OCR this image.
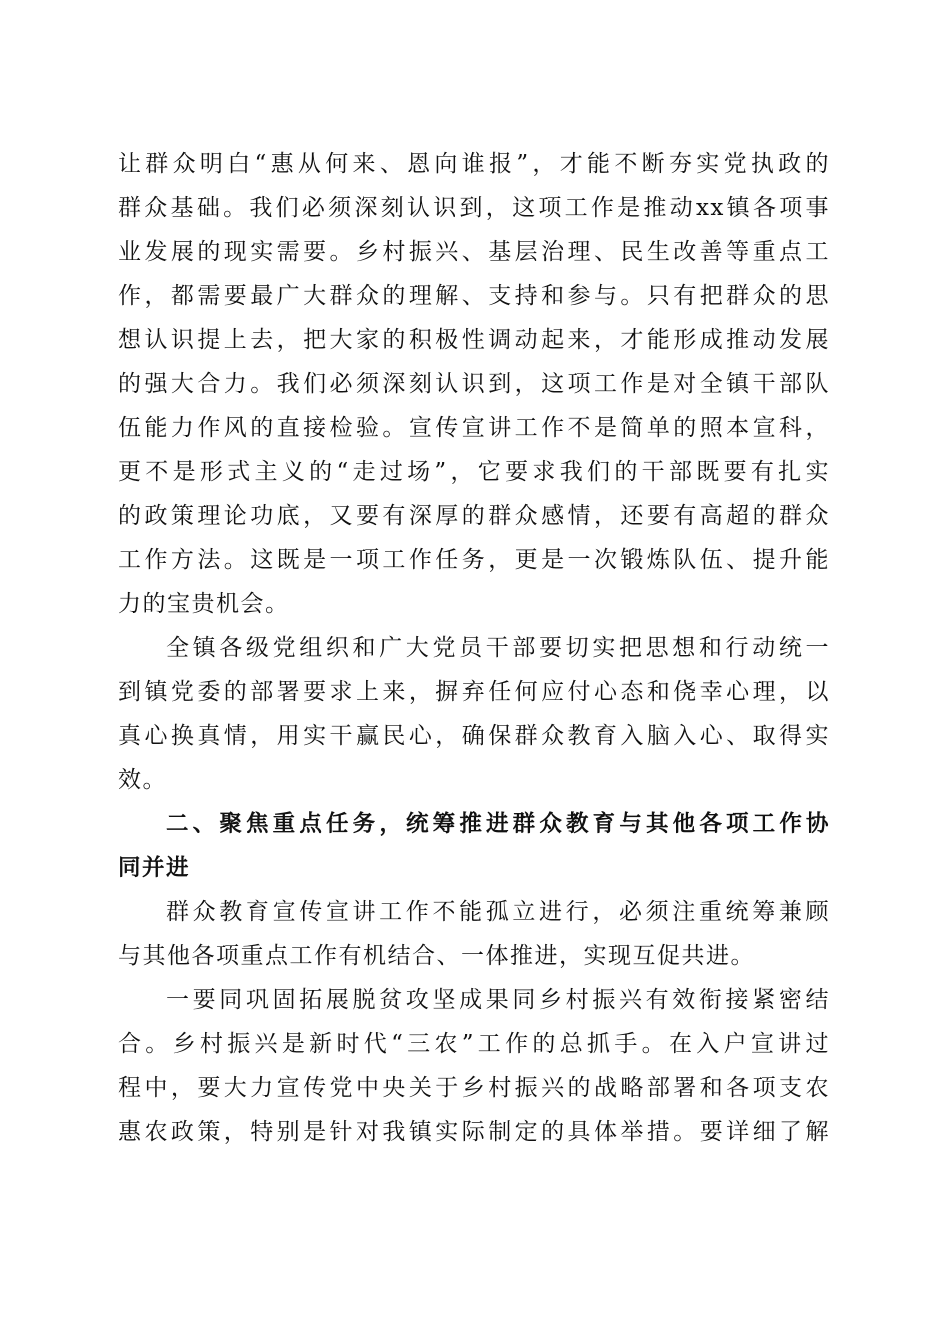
让群众明白“惠从何来、恩向谁报”，才能不断夯实党执政的
群众基础。我们必须深刻认识到，这项工作是推动xx镇各项事
业发展的现实需要。乡村振兴、基层治理、民生改善等重点工
作，都需要最广大群众的理解、支持和参与。只有把群众的思
想认识提上去，把大家的积极性调动起来，才能形成推动发展
的强大合力。我们必须深刻认识到，这项工作是对全镇干部队
伍能力作风的直接检验。宣传宣讲工作不是简单的照本宣科，
更不是形式主义的“走过场”，它要求我们的干部既要有扎实
的政策理论功底，又要有深厚的群众感情，还要有高超的群众
工作方法。这既是一项工作任务，更是一次锻炼队伍、提升能
力的宝贵机会。
全镇各级党组织和广大党员干部要切实把思想和行动统一
到镇党委的部署要求上来，摒弃任何应付心态和侥幸心理，以
真心换真情，用实干赢民心，确保群众教育入脑入心、取得实
效。
二、聚焦重点任务，统筹推进群众教育与其他各项工作协
同并进
群众教育宣传宣讲工作不能孤立进行，必须注重统筹兼顾
与其他各项重点工作有机结合、一体推进，实现互促共进。
一要同巩固拓展脱贫攻坚成果同乡村振兴有效衔接紧密结
合。乡村振兴是新时代“三农”工作的总抓手。在入户宣讲过
程中，要大力宣传党中央关于乡村振兴的战略部署和各项支农
惠农政策，特别是针对我镇实际制定的具体举措。要详细了解
